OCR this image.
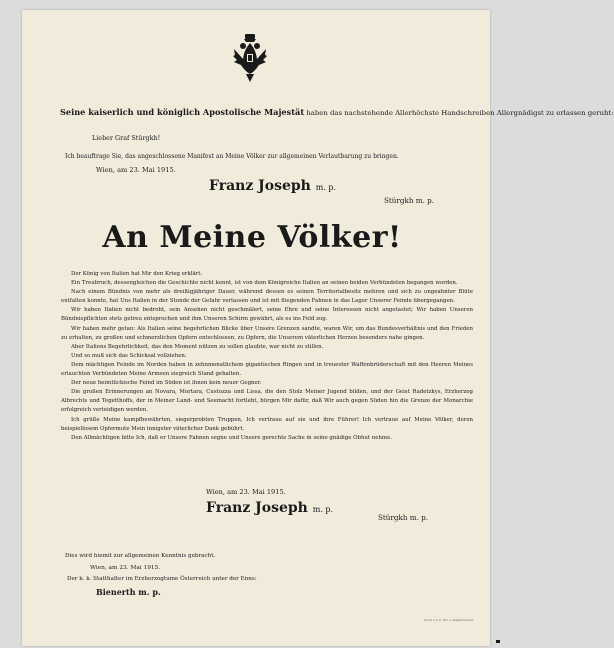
Seine kaiserlich und königlich Apostolische Majestät haben das nachstehende Allerhöchste Handschreiben Allergnädigst zu erlassen geruht:
Lieber Graf Stürgkh!
Ich beauftrage Sie, das angeschlossene Manifest an Meine Völker zur allgemeinen Verlautbarung zu bringen.
Wien, am 23. Mai 1915.
Franz Joseph m. p.
Stürgkh m. p.
An Meine Völker!
Der König von Italien hat Mir den Krieg erklärt.
Ein Treubruch, dessengleichen die Geschichte nicht kennt, ist von dem Königreiche Italien an seinen beiden Verbündeten begangen worden.
Nach einem Bündnis von mehr als dreißigjähriger Dauer, während dessen es seinen Territorialbesitz mehren und sich zu ungeahnter Blüte entfalten konnte, hat Uns Italien in der Stunde der Gefahr verlassen und ist mit fliegenden Fahnen in das Lager Unserer Feinde übergegangen.
Wir haben Italien nicht bedroht, sein Ansehen nicht geschmälert, seine Ehre und seine Interessen nicht angetastet; Wir haben Unseren Bündnispflichten stets getreu entsprochen und ihm Unseren Schirm gewährt, als es ins Feld zog.
Wir haben mehr getan: Als Italien seine begehrlichen Blicke über Unsere Grenzen sandte, waren Wir, um das Bundesverhältnis und den Frieden zu erhalten, zu großen und schmerzlichen Opfern entschlossen, zu Opfern, die Unserem väterlichen Herzen besonders nahe gingen.
Aber Italiens Begehrlichkeit, das den Moment nützen zu sollen glaubte, war nicht zu stillen.
Und so muß sich das Schicksal vollziehen.
Dem mächtigen Feinde im Norden haben in zehnmonatlichem gigantischen Ringen und in treuester Waffenbrüderschaft mit den Heeren Meines erlauchten Verbündeten Meine Armeen siegreich Stand gehalten.
Der neue heimtückische Feind im Süden ist ihnen kein neuer Gegner.
Die großen Erinnerungen an Novara, Mortara, Custozza und Lissa, die den Stolz Meiner Jugend bilden, und der Geist Radetzkys, Erzherzog Albrechts und Tegetthoffs, der in Meiner Land- und Seemacht fortlebt, bürgen Mir dafür, daß Wir auch gegen Süden hin die Grenze der Monarchie erfolgreich verteidigen werden.
Ich grüße Meine kampfbewährten, siegerprobten Truppen, Ich vertraue auf sie und ihre Führer! Ich vertraue auf Meine Völker, deren beispiellosem Opfermute Mein innigster väterlicher Dank gebührt.
Den Allmächtigen bitte Ich, daß er Unsere Fahnen segne und Unsere gerechte Sache in seine gnädige Obhut nehme.
Wien, am 23. Mai 1915.
Franz Joseph m. p.
Stürgkh m. p.
Dies wird hiemit zur allgemeinen Kenntnis gebracht.
Wien, am 23. Mai 1915.
Der k. k. Statthalter im Erzherzogtume Österreich unter der Enns:
Bienerth m. p.
Druck d. k. k. Hof- u. Staatsdruckerei
